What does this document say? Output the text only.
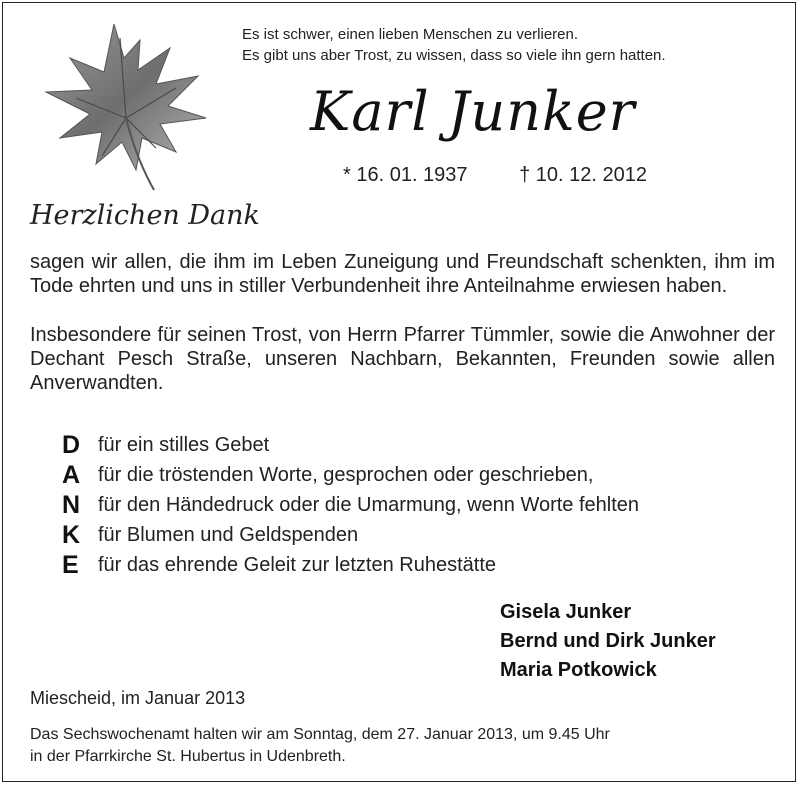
Es ist schwer, einen lieben Menschen zu verlieren.
Es gibt uns aber Trost, zu wissen, dass so viele ihn gern hatten.
Karl Junker
* 16. 01. 1937	† 10. 12. 2012
Herzlichen Dank
sagen wir allen, die ihm im Leben Zuneigung und Freundschaft schenkten, ihm im Tode ehrten und uns in stiller Verbundenheit ihre Anteilnahme erwiesen haben.
Insbesondere für seinen Trost, von Herrn Pfarrer Tümmler, sowie die Anwohner der Dechant Pesch Straße, unseren Nachbarn, Bekannten, Freunden sowie allen Anverwandten.
D für ein stilles Gebet
A für die tröstenden Worte, gesprochen oder geschrieben,
N für den Händedruck oder die Umarmung, wenn Worte fehlten
K für Blumen und Geldspenden
E für das ehrende Geleit zur letzten Ruhestätte
Gisela Junker
Bernd und Dirk Junker
Maria Potkowick
Miescheid, im Januar 2013
Das Sechswochenamt halten wir am Sonntag, dem 27. Januar 2013, um 9.45 Uhr
in der Pfarrkirche St. Hubertus in Udenbreth.
